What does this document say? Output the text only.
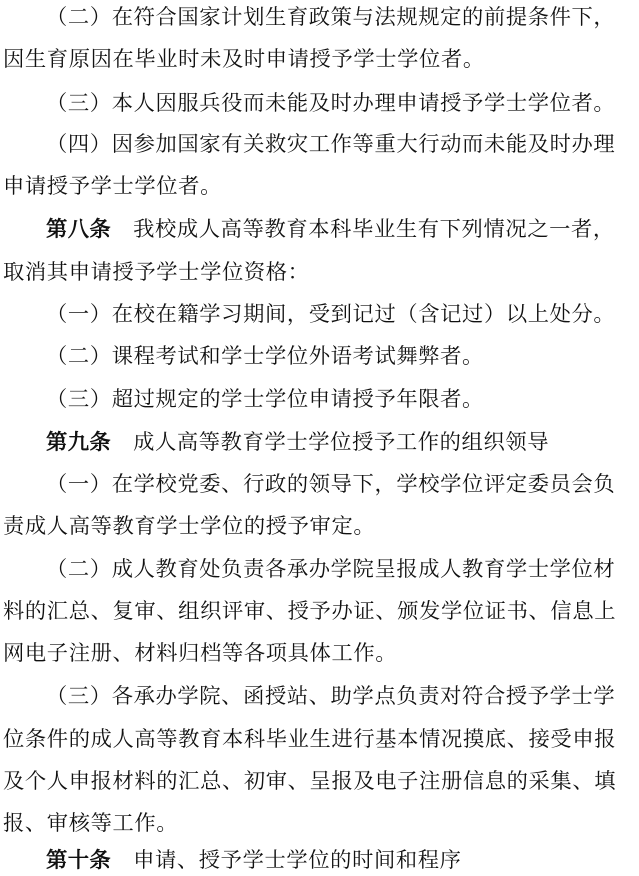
（二）在符合国家计划生育政策与法规规定的前提条件下，
因生育原因在毕业时未及时申请授予学士学位者。
（三）本人因服兵役而未能及时办理申请授予学士学位者。
（四）因参加国家有关救灾工作等重大行动而未能及时办理
申请授予学士学位者。
第八条 我校成人高等教育本科毕业生有下列情况之一者，
取消其申请授予学士学位资格：
（一）在校在籍学习期间，受到记过（含记过）以上处分。
（二）课程考试和学士学位外语考试舞弊者。
（三）超过规定的学士学位申请授予年限者。
第九条 成人高等教育学士学位授予工作的组织领导
（一）在学校党委、行政的领导下，学校学位评定委员会负
责成人高等教育学士学位的授予审定。
（二）成人教育处负责各承办学院呈报成人教育学士学位材
料的汇总、复审、组织评审、授予办证、颁发学位证书、信息上
网电子注册、材料归档等各项具体工作。
（三）各承办学院、函授站、助学点负责对符合授予学士学
位条件的成人高等教育本科毕业生进行基本情况摸底、接受申报
及个人申报材料的汇总、初审、呈报及电子注册信息的采集、填
报、审核等工作。
第十条 申请、授予学士学位的时间和程序
